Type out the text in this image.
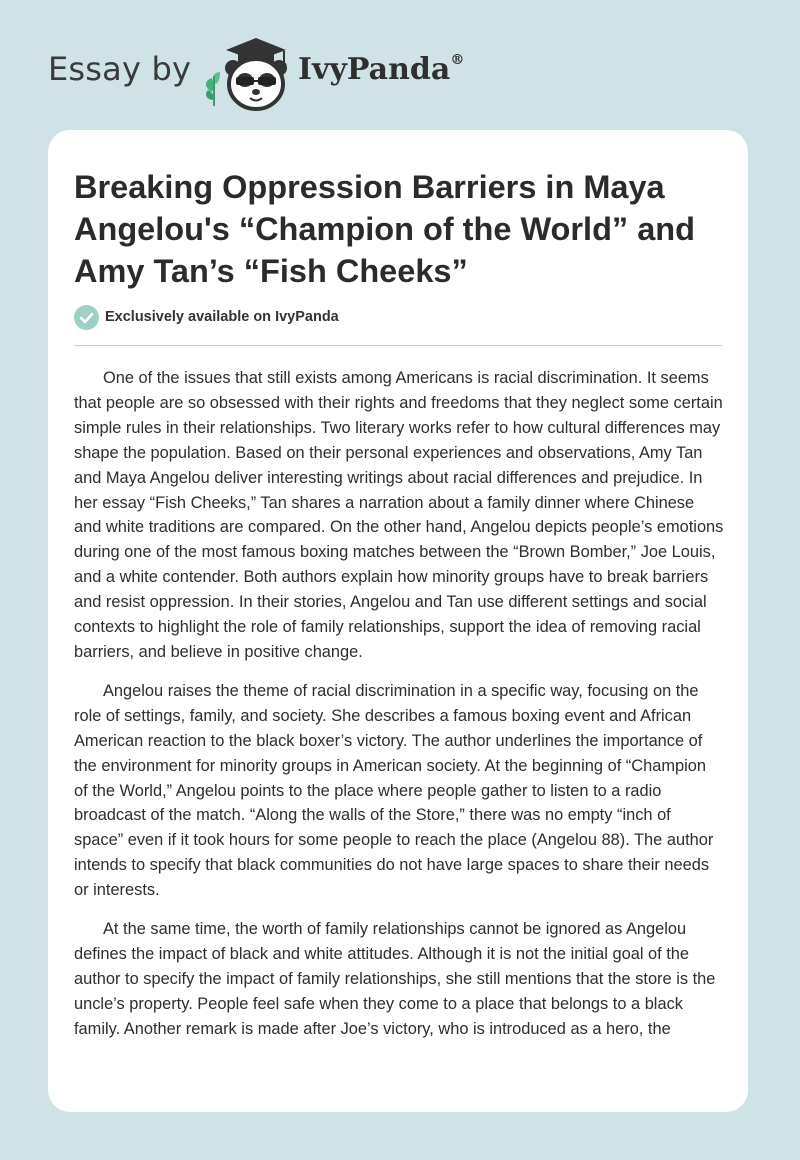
Essay by	IvyPanda®
Breaking Oppression Barriers in Maya Angelou's “Champion of the World” and Amy Tan’s “Fish Cheeks”
Exclusively available on IvyPanda

One of the issues that still exists among Americans is racial discrimination. It seems that people are so obsessed with their rights and freedoms that they neglect some certain simple rules in their relationships. Two literary works refer to how cultural differences may shape the population. Based on their personal experiences and observations, Amy Tan and Maya Angelou deliver interesting writings about racial differences and prejudice. In her essay “Fish Cheeks,” Tan shares a narration about a family dinner where Chinese and white traditions are compared. On the other hand, Angelou depicts people’s emotions during one of the most famous boxing matches between the “Brown Bomber,” Joe Louis, and a white contender. Both authors explain how minority groups have to break barriers and resist oppression. In their stories, Angelou and Tan use different settings and social contexts to highlight the role of family relationships, support the idea of removing racial barriers, and believe in positive change.

Angelou raises the theme of racial discrimination in a specific way, focusing on the role of settings, family, and society. She describes a famous boxing event and African American reaction to the black boxer’s victory. The author underlines the importance of the environment for minority groups in American society. At the beginning of “Champion of the World,” Angelou points to the place where people gather to listen to a radio broadcast of the match. “Along the walls of the Store,” there was no empty “inch of space” even if it took hours for some people to reach the place (Angelou 88). The author intends to specify that black communities do not have large spaces to share their needs or interests.

At the same time, the worth of family relationships cannot be ignored as Angelou defines the impact of black and white attitudes. Although it is not the initial goal of the author to specify the impact of family relationships, she still mentions that the store is the uncle’s property. People feel safe when they come to a place that belongs to a black family. Another remark is made after Joe’s victory, who is introduced as a hero, the
